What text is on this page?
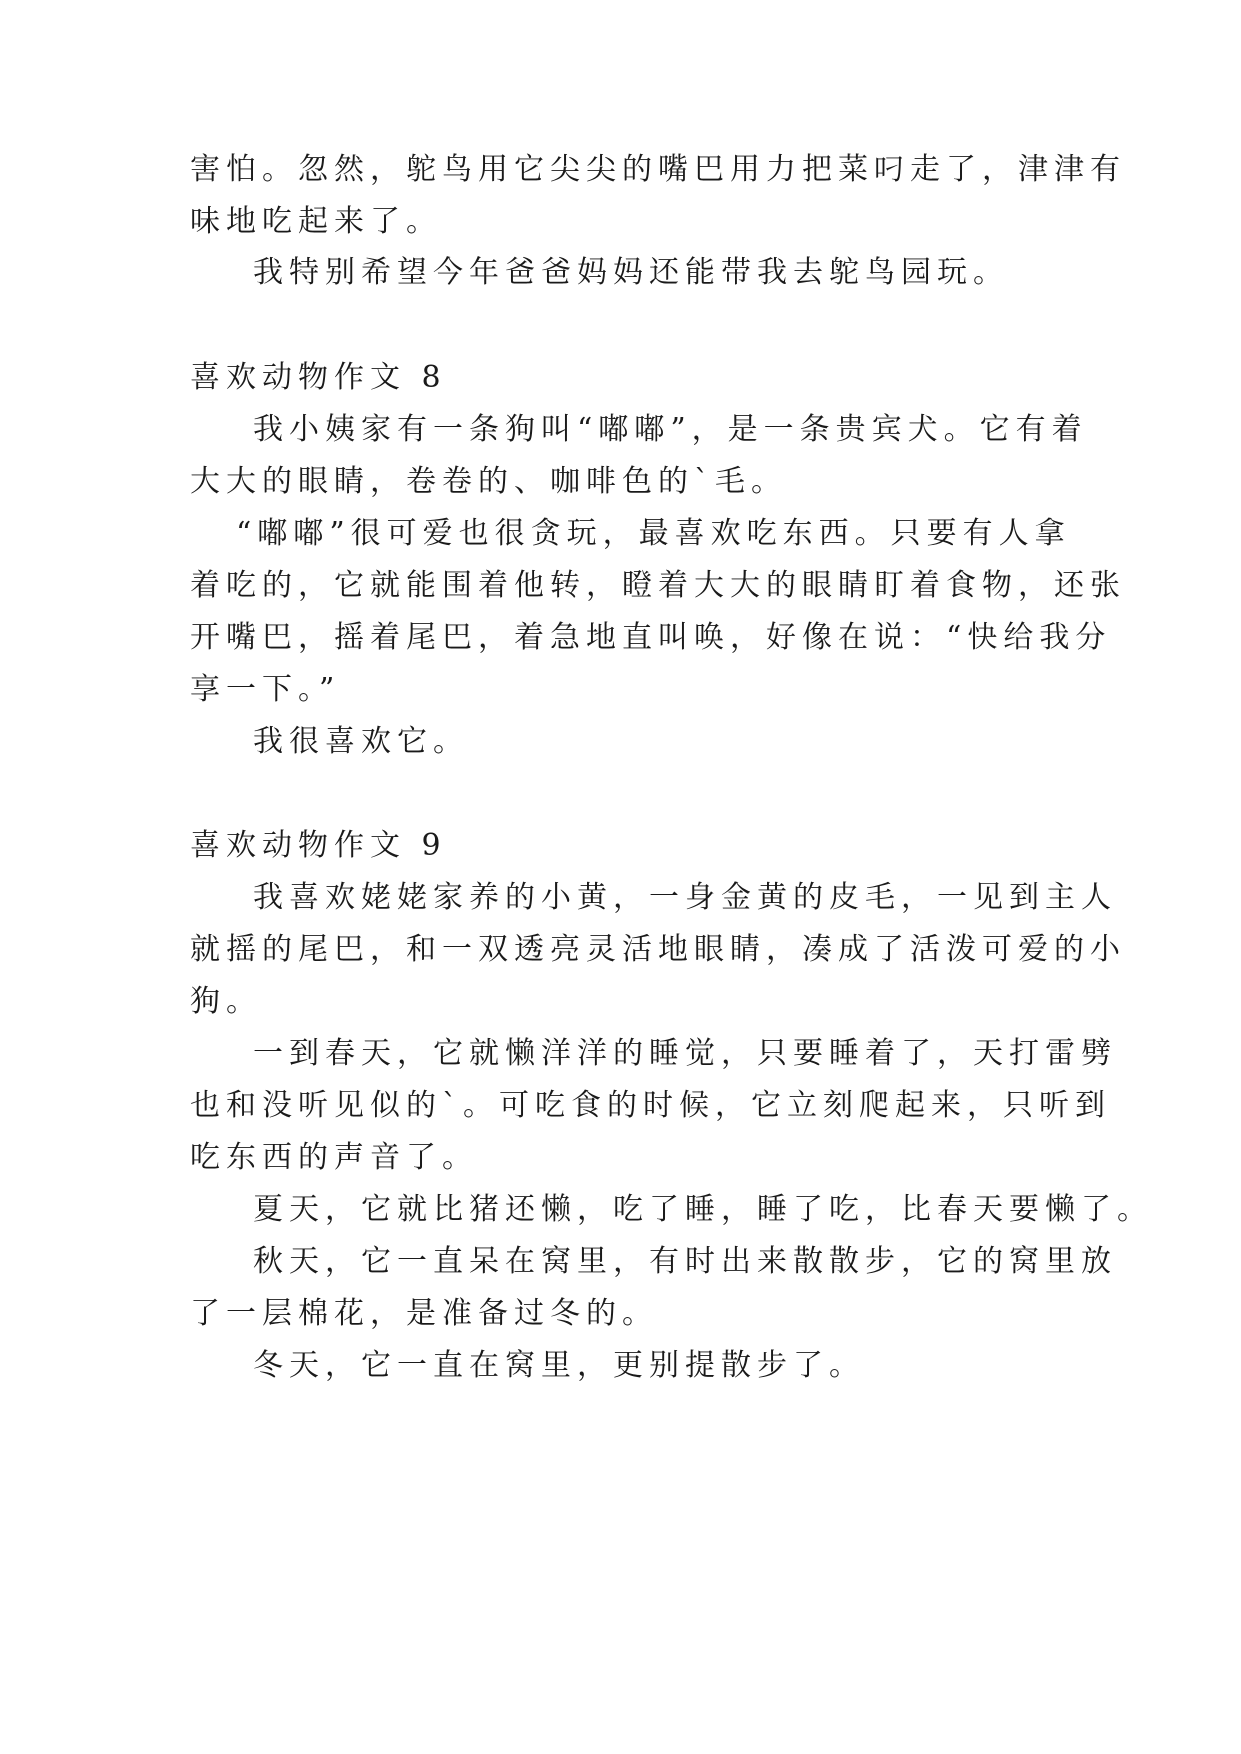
害怕。忽然，鸵鸟用它尖尖的嘴巴用力把菜叼走了，津津有
味地吃起来了。
我特别希望今年爸爸妈妈还能带我去鸵鸟园玩。
喜欢动物作文 8
我小姨家有一条狗叫“嘟嘟”，是一条贵宾犬。它有着
大大的眼睛，卷卷的、咖啡色的`毛。
“嘟嘟”很可爱也很贪玩，最喜欢吃东西。只要有人拿
着吃的，它就能围着他转，瞪着大大的眼睛盯着食物，还张
开嘴巴，摇着尾巴，着急地直叫唤，好像在说：“快给我分
享一下。”
我很喜欢它。
喜欢动物作文 9
我喜欢姥姥家养的小黄，一身金黄的皮毛，一见到主人
就摇的尾巴，和一双透亮灵活地眼睛，凑成了活泼可爱的小
狗。
一到春天，它就懒洋洋的睡觉，只要睡着了，天打雷劈
也和没听见似的`。可吃食的时候，它立刻爬起来，只听到
吃东西的声音了。
夏天，它就比猪还懒，吃了睡，睡了吃，比春天要懒了。
秋天，它一直呆在窝里，有时出来散散步，它的窝里放
了一层棉花，是准备过冬的。
冬天，它一直在窝里，更别提散步了。
